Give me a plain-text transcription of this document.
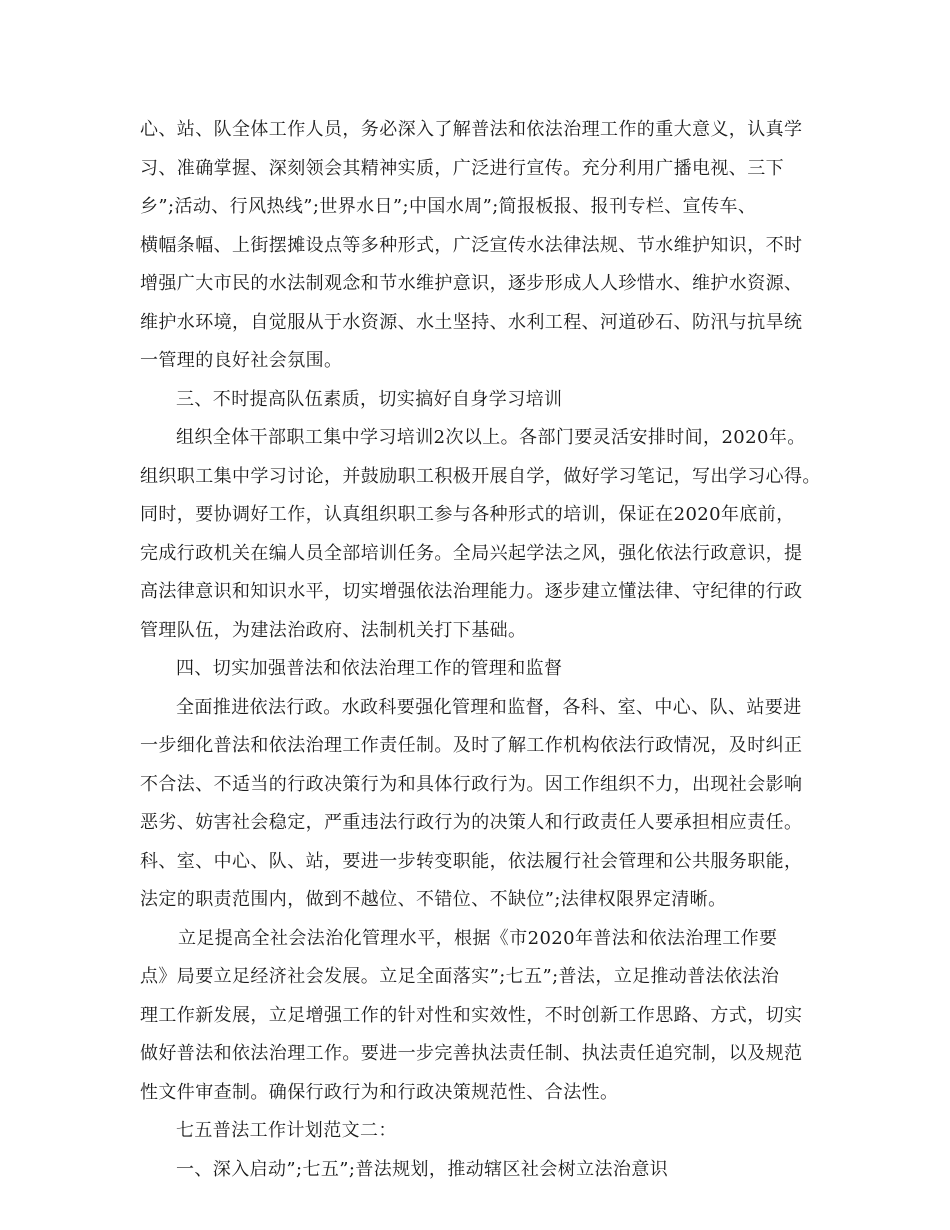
心、站、队全体工作人员，务必深入了解普法和依法治理工作的重大意义，认真学
习、准确掌握、深刻领会其精神实质，广泛进行宣传。充分利用广播电视、三下
乡”;活动、行风热线”;世界水日”;中国水周”;简报板报、报刊专栏、宣传车、
横幅条幅、上街摆摊设点等多种形式，广泛宣传水法律法规、节水维护知识，不时
增强广大市民的水法制观念和节水维护意识，逐步形成人人珍惜水、维护水资源、
维护水环境，自觉服从于水资源、水土坚持、水利工程、河道砂石、防汛与抗旱统
一管理的良好社会氛围。
三、不时提高队伍素质，切实搞好自身学习培训
组织全体干部职工集中学习培训2次以上。各部门要灵活安排时间，2020年。
组织职工集中学习讨论，并鼓励职工积极开展自学，做好学习笔记，写出学习心得。
同时，要协调好工作，认真组织职工参与各种形式的培训，保证在2020年底前，
完成行政机关在编人员全部培训任务。全局兴起学法之风，强化依法行政意识，提
高法律意识和知识水平，切实增强依法治理能力。逐步建立懂法律、守纪律的行政
管理队伍，为建法治政府、法制机关打下基础。
四、切实加强普法和依法治理工作的管理和监督
全面推进依法行政。水政科要强化管理和监督，各科、室、中心、队、站要进
一步细化普法和依法治理工作责任制。及时了解工作机构依法行政情况，及时纠正
不合法、不适当的行政决策行为和具体行政行为。因工作组织不力，出现社会影响
恶劣、妨害社会稳定，严重违法行政行为的决策人和行政责任人要承担相应责任。
科、室、中心、队、站，要进一步转变职能，依法履行社会管理和公共服务职能，
法定的职责范围内，做到不越位、不错位、不缺位”;法律权限界定清晰。
立足提高全社会法治化管理水平，根据《市2020年普法和依法治理工作要
点》局要立足经济社会发展。立足全面落实”;七五”;普法，立足推动普法依法治
理工作新发展，立足增强工作的针对性和实效性，不时创新工作思路、方式，切实
做好普法和依法治理工作。要进一步完善执法责任制、执法责任追究制，以及规范
性文件审查制。确保行政行为和行政决策规范性、合法性。
七五普法工作计划范文二：
一、深入启动”;七五”;普法规划，推动辖区社会树立法治意识
